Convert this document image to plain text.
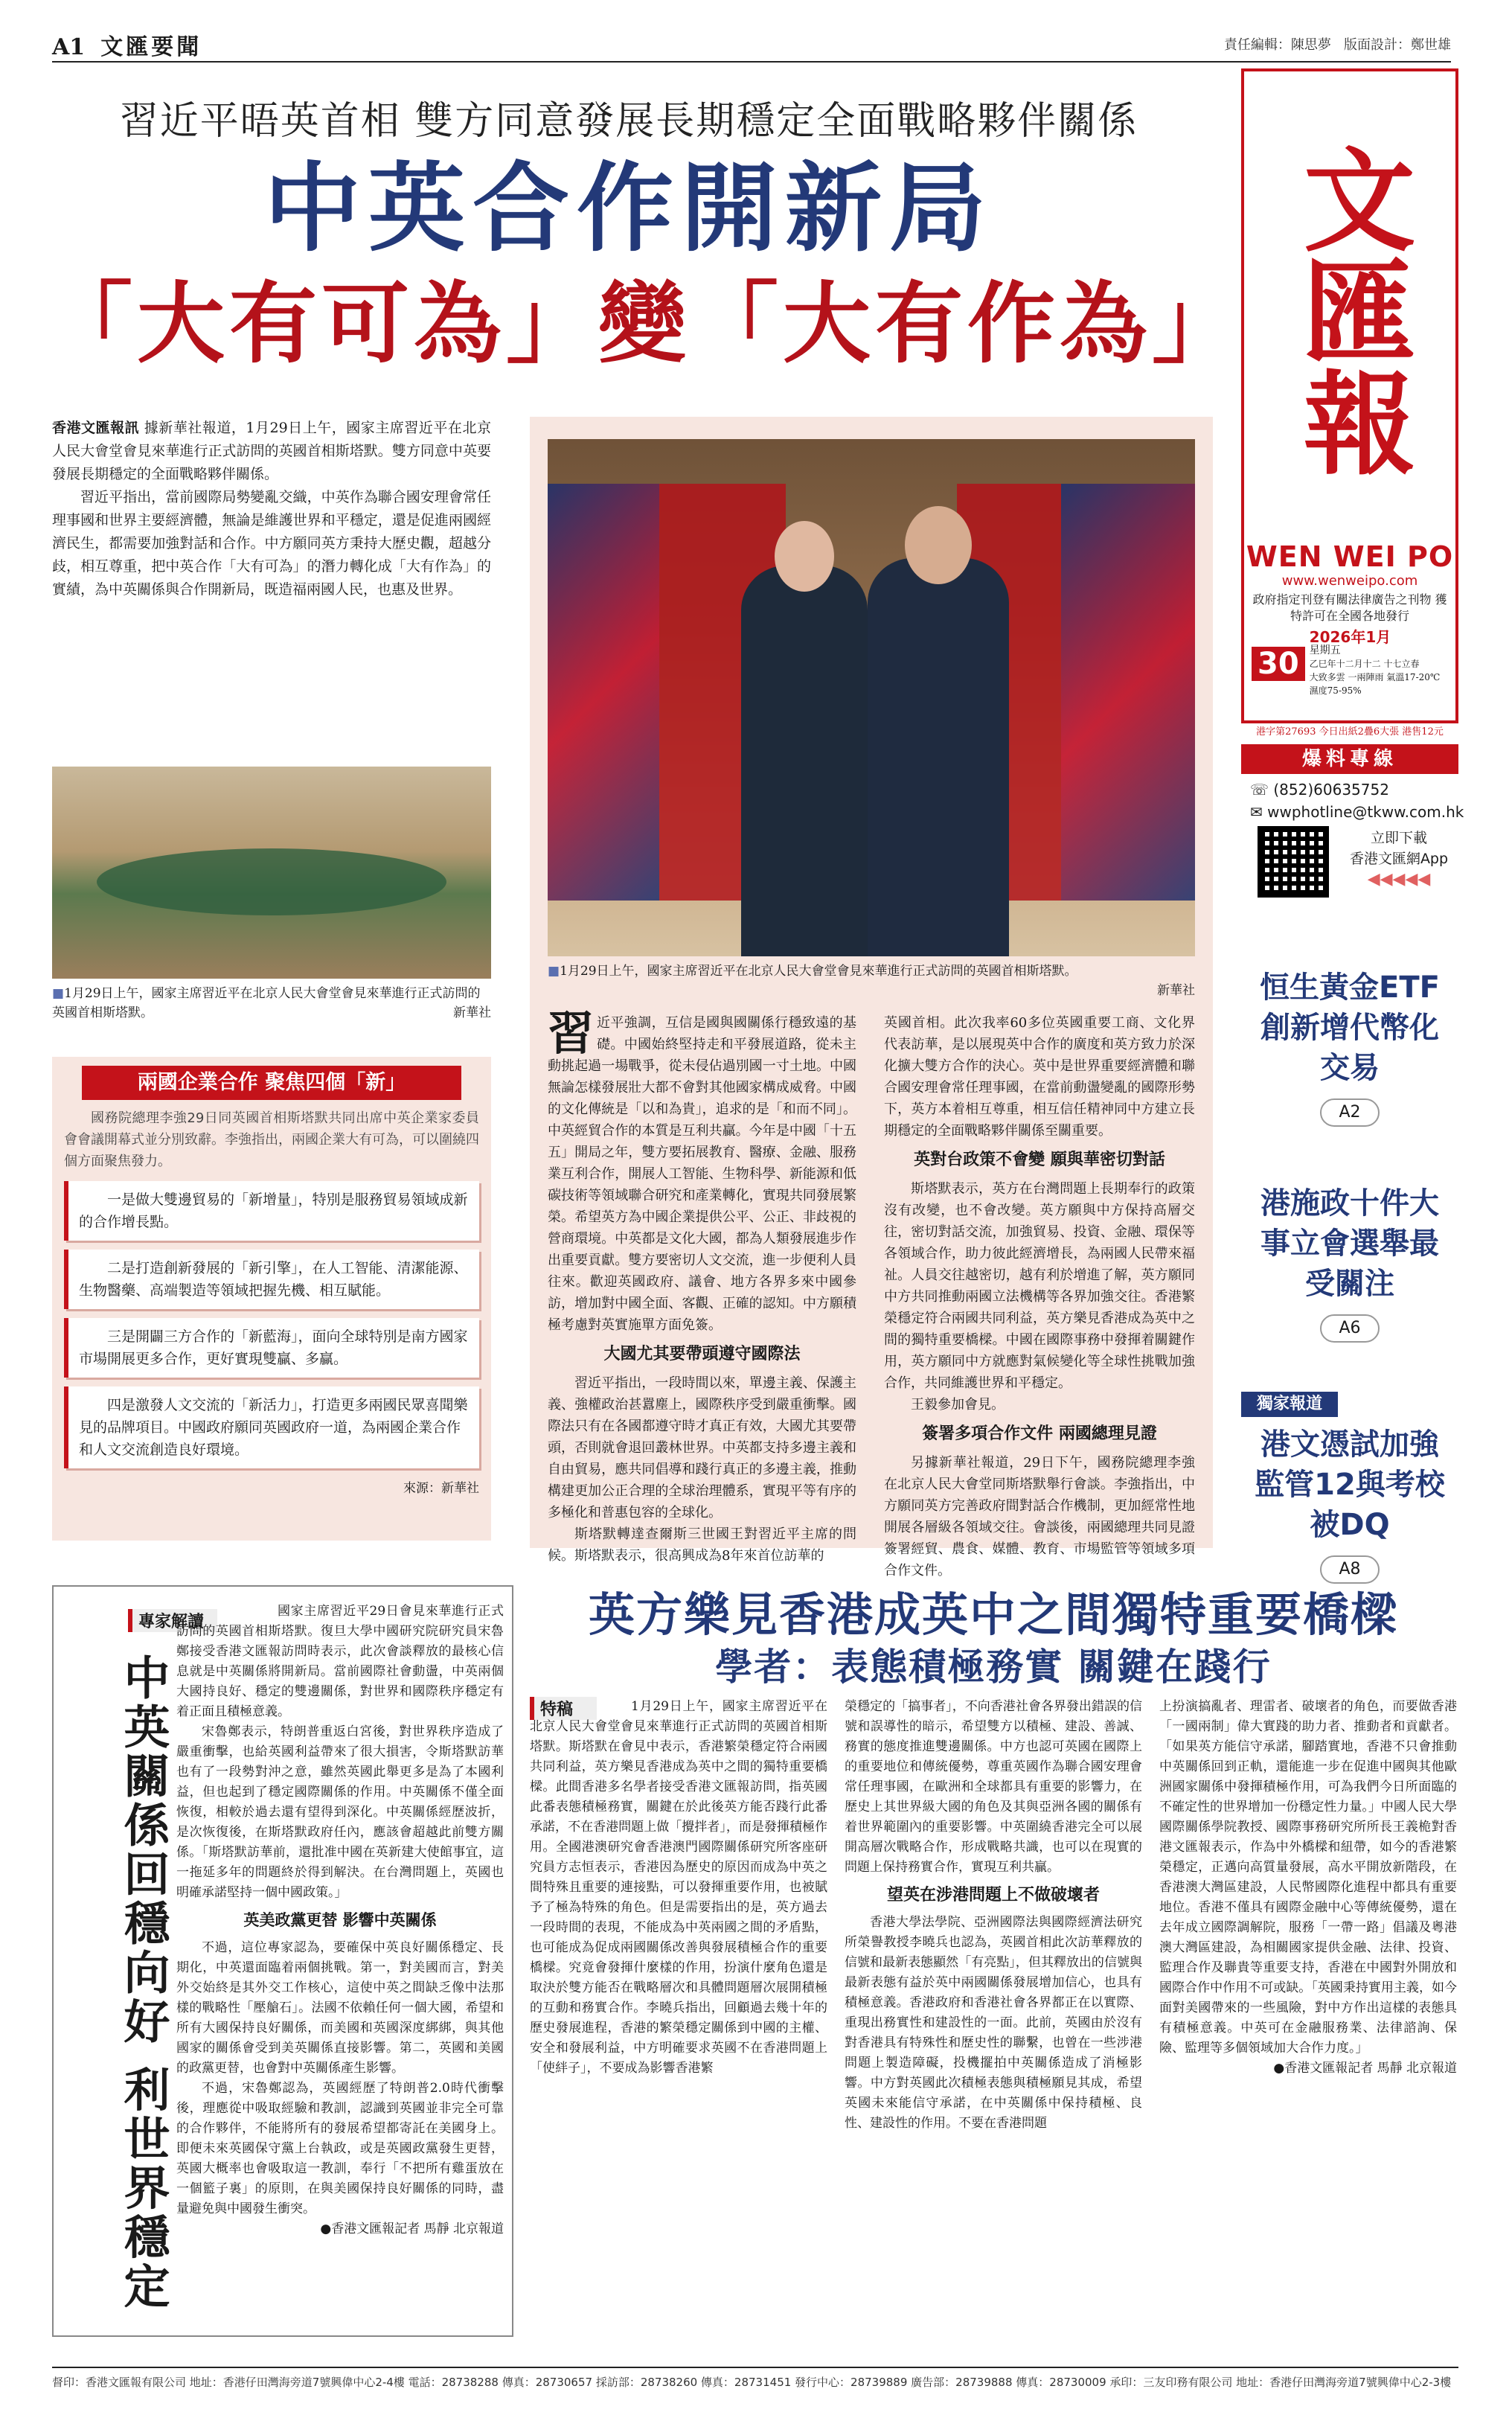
A1 文匯要聞	責任編輯：陳思夢 版面設計：鄭世雄
習近平晤英首相 雙方同意發展長期穩定全面戰略夥伴關係
中英合作開新局
「大有可為」變「大有作為」 文匯報
WEN WEI PO
www.wenweipo.com
政府指定刊登有關法律廣告之刊物 獲特許可在全國各地發行
30
2026年1月
星期五
乙巳年十二月十二 十七立春
大致多雲 一兩陣雨 氣溫17-20℃ 濕度75-95%
港字第27693 今日出紙2疊6大張 港售12元
爆料專線
☏ (852)60635752
✉ wwphotline@tkww.com.hk
立即下載
香港文匯網App
◀◀◀◀◀
恒生黃金ETF創新增代幣化交易
A2
港施政十件大事立會選舉最受關注
A6
獨家報道
港文憑試加強監管12與考校被DQ
A8

香港文匯報訊 據新華社報道，1月29日上午，國家主席習近平在北京人民大會堂會見來華進行正式訪問的英國首相斯塔默。雙方同意中英要發展長期穩定的全面戰略夥伴關係。

習近平指出，當前國際局勢變亂交織，中英作為聯合國安理會常任理事國和世界主要經濟體，無論是維護世界和平穩定，還是促進兩國經濟民生，都需要加強對話和合作。中方願同英方秉持大歷史觀，超越分歧，相互尊重，把中英合作「大有可為」的潛力轉化成「大有作為」的實績，為中英關係與合作開新局，既造福兩國人民，也惠及世界。

■1月29日上午，國家主席習近平在北京人民大會堂會見來華進行正式訪問的英國首相斯塔默。	新華社
■1月29日上午，國家主席習近平在北京人民大會堂會見來華進行正式訪問的英國首相斯塔默。
新華社
兩國企業合作 聚焦四個「新」

國務院總理李強29日同英國首相斯塔默共同出席中英企業家委員會會議開幕式並分別致辭。李強指出，兩國企業大有可為，可以圍繞四個方面聚焦發力。

一是做大雙邊貿易的「新增量」，特別是服務貿易領域成新的合作增長點。
二是打造創新發展的「新引擎」，在人工智能、清潔能源、生物醫藥、高端製造等領域把握先機、相互賦能。
三是開闢三方合作的「新藍海」，面向全球特別是南方國家市場開展更多合作，更好實現雙贏、多贏。
四是激發人文交流的「新活力」，打造更多兩國民眾喜聞樂見的品牌項目。中國政府願同英國政府一道，為兩國企業合作和人文交流創造良好環境。
來源：新華社

習近平強調，互信是國與國關係行穩致遠的基礎。中國始終堅持走和平發展道路，從未主動挑起過一場戰爭，從未侵佔過別國一寸土地。中國無論怎樣發展壯大都不會對其他國家構成威脅。中國的文化傳統是「以和為貴」，追求的是「和而不同」。中英經貿合作的本質是互利共贏。今年是中國「十五五」開局之年，雙方要拓展教育、醫療、金融、服務業互利合作，開展人工智能、生物科學、新能源和低碳技術等領域聯合研究和產業轉化，實現共同發展繁榮。希望英方為中國企業提供公平、公正、非歧視的營商環境。中英都是文化大國，都為人類發展進步作出重要貢獻。雙方要密切人文交流，進一步便利人員往來。歡迎英國政府、議會、地方各界多來中國參訪，增加對中國全面、客觀、正確的認知。中方願積極考慮對英實施單方面免簽。

大國尤其要帶頭遵守國際法

習近平指出，一段時間以來，單邊主義、保護主義、強權政治甚囂塵上，國際秩序受到嚴重衝擊。國際法只有在各國都遵守時才真正有效，大國尤其要帶頭，否則就會退回叢林世界。中英都支持多邊主義和自由貿易，應共同倡導和踐行真正的多邊主義，推動構建更加公正合理的全球治理體系，實現平等有序的多極化和普惠包容的全球化。

斯塔默轉達查爾斯三世國王對習近平主席的問候。斯塔默表示，很高興成為8年來首位訪華的

英國首相。此次我率60多位英國重要工商、文化界代表訪華，是以展現英中合作的廣度和英方致力於深化擴大雙方合作的決心。英中是世界重要經濟體和聯合國安理會常任理事國，在當前動盪變亂的國際形勢下，英方本着相互尊重，相互信任精神同中方建立長期穩定的全面戰略夥伴關係至關重要。

英對台政策不會變 願與華密切對話

斯塔默表示，英方在台灣問題上長期奉行的政策沒有改變，也不會改變。英方願與中方保持高層交往，密切對話交流，加強貿易、投資、金融、環保等各領域合作，助力彼此經濟增長，為兩國人民帶來福祉。人員交往越密切，越有利於增進了解，英方願同中方共同推動兩國立法機構等各界加強交往。香港繁榮穩定符合兩國共同利益，英方樂見香港成為英中之間的獨特重要橋樑。中國在國際事務中發揮着關鍵作用，英方願同中方就應對氣候變化等全球性挑戰加強合作，共同維護世界和平穩定。

王毅參加會見。

簽署多項合作文件 兩國總理見證

另據新華社報道，29日下午，國務院總理李強在北京人民大會堂同斯塔默舉行會談。李強指出，中方願同英方完善政府間對話合作機制，更加經常性地開展各層級各領域交往。會談後，兩國總理共同見證簽署經貿、農食、媒體、教育、市場監管等領域多項合作文件。

中英關係回穩向好 利世界穩定
專家解讀

國家主席習近平29日會見來華進行正式訪問的英國首相斯塔默。復旦大學中國研究院研究員宋魯鄭接受香港文匯報訪問時表示，此次會談釋放的最核心信息就是中英關係將開新局。當前國際社會動盪，中英兩個大國持良好、穩定的雙邊關係，對世界和國際秩序穩定有着正面且積極意義。

宋魯鄭表示，特朗普重返白宮後，對世界秩序造成了嚴重衝擊，也給英國利益帶來了很大損害，令斯塔默訪華也有了一段勢對沖之意，雖然英國此舉更多是為了本國利益，但也起到了穩定國際關係的作用。中英關係不僅全面恢復，相較於過去還有望得到深化。中英關係經歷波折，是次恢復後，在斯塔默政府任內，應該會超越此前雙方關係。「斯塔默訪華前，還批准中國在英新建大使館事宜，這一拖延多年的問題終於得到解決。在台灣問題上，英國也明確承諾堅持一個中國政策。」

英美政黨更替 影響中英關係

不過，這位專家認為，要確保中英良好關係穩定、長期化，中英還面臨着兩個挑戰。第一，對美國而言，對美外交始終是其外交工作核心，這使中英之間缺乏像中法那樣的戰略性「壓艙石」。法國不依賴任何一個大國，希望和所有大國保持良好關係，而美國和英國深度綁綁，與其他國家的關係會受到美英關係直接影響。第二，英國和美國的政黨更替，也會對中英關係產生影響。

不過，宋魯鄭認為，英國經歷了特朗普2.0時代衝擊後，理應從中吸取經驗和教訓，認識到英國並非完全可靠的合作夥伴，不能將所有的發展希望都寄託在美國身上。即便未來英國保守黨上台執政，或是英國政黨發生更替，英國大概率也會吸取這一教訓，奉行「不把所有雞蛋放在一個籃子裏」的原則，在與美國保持良好關係的同時，盡量避免與中國發生衝突。

●香港文匯報記者 馬靜 北京報道
英方樂見香港成英中之間獨特重要橋樑
學者：表態積極務實 關鍵在踐行
特稿	1月29日上午，國家主席習近平在北京人民大會堂會見來華進行正式訪問的英國首相斯塔默。斯塔默在會見中表示，香港繁榮穩定符合兩國共同利益，英方樂見香港成為英中之間的獨特重要橋樑。此間香港多名學者接受香港文匯報訪問，指英國此番表態積極務實，關鍵在於此後英方能否踐行此番承諾，不在香港問題上做「攪拌者」，而是發揮積極作用。全國港澳研究會香港澳門國際關係研究所客座研究員方志恒表示，香港因為歷史的原因而成為中英之間特殊且重要的連接點，可以發揮重要作用，也被賦予了極為特殊的角色。但是需要指出的是，英方過去一段時間的表現，不能成為中英兩國之間的矛盾點，也可能成為促成兩國關係改善與發展積極合作的重要橋樑。究竟會發揮什麼樣的作用，扮演什麼角色還是取決於雙方能否在戰略層次和具體問題層次展開積極的互動和務實合作。李曉兵指出，回顧過去幾十年的歷史發展進程，香港的繁榮穩定關係到中國的主權、安全和發展利益，中方明確要求英國不在香港問題上「使絆子」，不要成為影響香港繁

榮穩定的「搞事者」，不向香港社會各界發出錯誤的信號和誤導性的暗示，希望雙方以積極、建設、善誠、務實的態度推進雙邊關係。中方也認可英國在國際上的重要地位和傳統優勢，尊重英國作為聯合國安理會常任理事國，在歐洲和全球都具有重要的影響力，在歷史上其世界級大國的角色及其與亞洲各國的關係有着世界範圍內的重要影響。中英圍繞香港完全可以展開高層次戰略合作，形成戰略共識，也可以在現實的問題上保持務實合作，實現互利共贏。

望英在涉港問題上不做破壞者

香港大學法學院、亞洲國際法與國際經濟法研究所榮譽教授李曉兵也認為，英國首相此次訪華釋放的信號和最新表態顯然「有亮點」，但其釋放出的信號與最新表態有益於英中兩國關係發展增加信心，也具有積極意義。香港政府和香港社會各界都正在以實際、重現出務實性和建設性的一面。此前，英國由於沒有對香港具有特殊性和歷史性的聯繫，也曾在一些涉港問題上製造障礙，投機擺拍中英關係造成了消極影響。中方對英國此次積極表態與積極願見其成，希望英國未來能信守承諾，在中英關係中保持積極、良性、建設性的作用。不要在香港問題

上扮演搞亂者、理雷者、破壞者的角色，而要做香港「一國兩制」偉大實踐的助力者、推動者和貢獻者。「如果英方能信守承諾，腳踏實地，香港不只會推動中英關係回到正軌，還能進一步在促進中國與其他歐洲國家關係中發揮積極作用，可為我們今日所面臨的不確定性的世界增加一份穩定性力量。」中國人民大學國際關係學院教授、國際事務研究所所長王義桅對香港文匯報表示，作為中外橋樑和紐帶，如今的香港繁榮穩定，正邁向高質量發展，高水平開放新階段，在香港澳大灣區建設，人民幣國際化進程中都具有重要地位。香港不僅具有國際金融中心等傳統優勢，還在去年成立國際調解院，服務「一帶一路」倡議及粵港澳大灣區建設，為相關國家提供金融、法律、投資、監理合作及聯貴等重要支持，香港在中國對外開放和國際合作中作用不可或缺。「英國秉持實用主義，如今面對美國帶來的一些風險，對中方作出這樣的表態具有積極意義。中英可在金融服務業、法律諮詢、保險、監理等多個領域加大合作力度。」

●香港文匯報記者 馬靜 北京報道
督印：香港文匯報有限公司 地址：香港仔田灣海旁道7號興偉中心2-4樓 電話：28738288 傳真：28730657 採訪部：28738260 傳真：28731451 發行中心：28739889 廣告部：28739888 傳真：28730009 承印：三友印務有限公司 地址：香港仔田灣海旁道7號興偉中心2-3樓
